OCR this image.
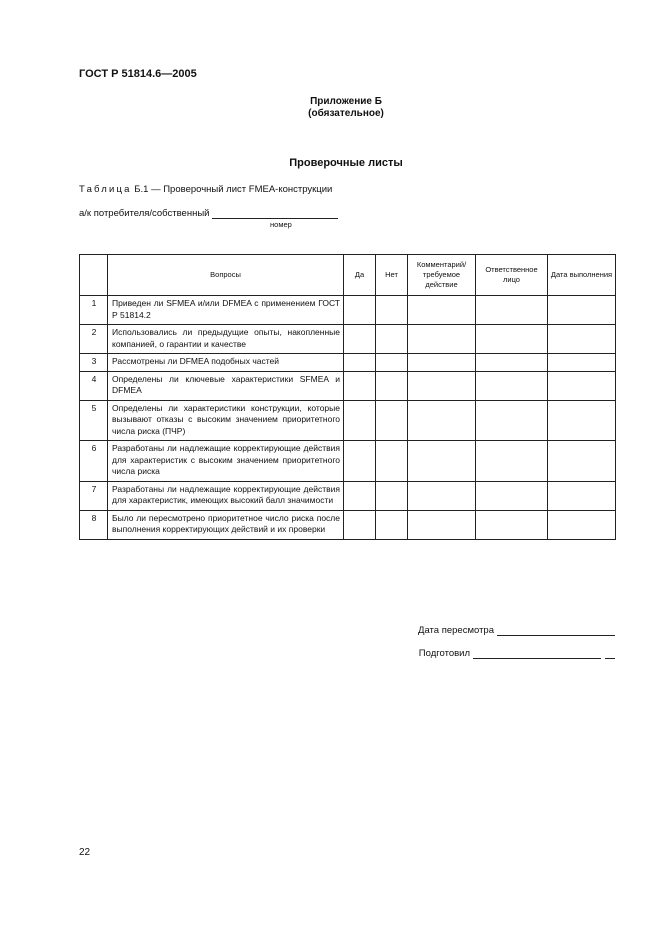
ГОСТ Р 51814.6—2005
Приложение Б
(обязательное)
Проверочные листы
Таблица Б.1 — Проверочный лист FMEA-конструкции
а/к потребителя/собственный
номер
	Вопросы	Да	Нет	Комментарий/ требуемое действие	Ответственное лицо	Дата выполнения
1	Приведен ли SFMEA и/или DFMEA с применением ГОСТ Р 51814.2					
2	Использовались ли предыдущие опыты, накопленные компанией, о гарантии и качестве					
3	Рассмотрены ли DFMEA подобных частей					
4	Определены ли ключевые характеристики SFMEA и DFMEA					
5	Определены ли характеристики конструкции, которые вызывают отказы с высоким значением приоритетного числа риска (ПЧР)					
6	Разработаны ли надлежащие корректирующие действия для характеристик с высоким значением приоритетного числа риска					
7	Разработаны ли надлежащие корректирующие действия для характеристик, имеющих высокий балл значимости					
8	Было ли пересмотрено приоритетное число риска после выполнения корректирующих действий и их проверки					
Дата пересмотра
Подготовил
22
